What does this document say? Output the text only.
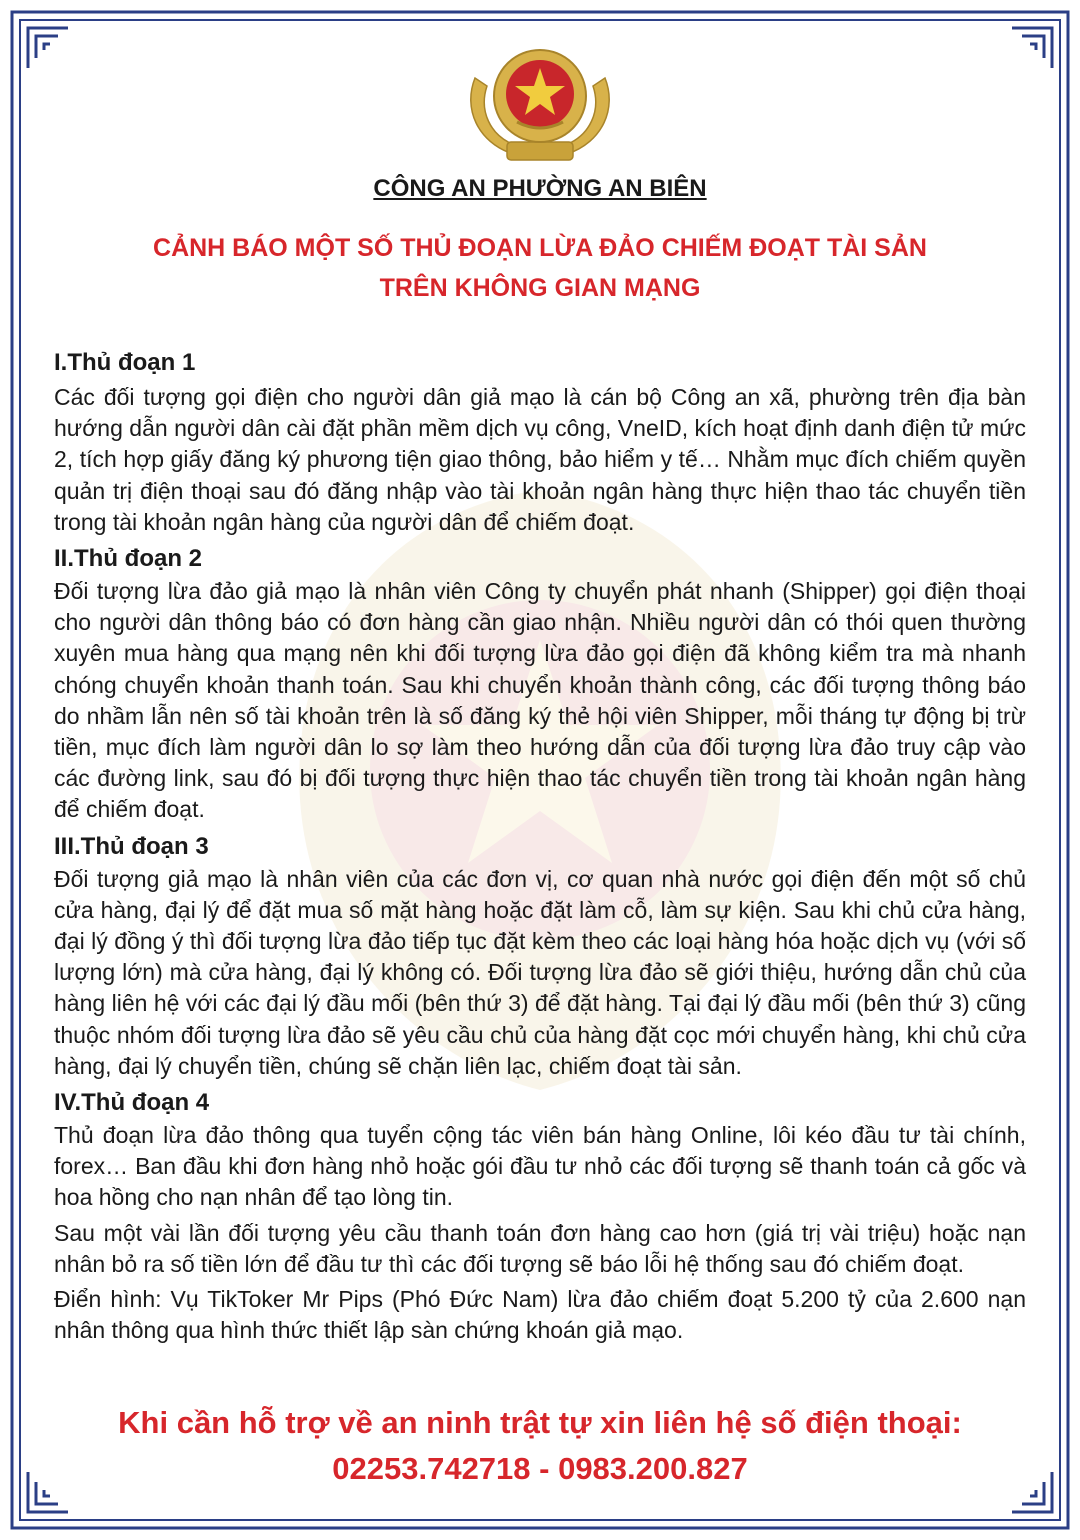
CÔNG AN PHƯỜNG AN BIÊN
CẢNH BÁO MỘT SỐ THỦ ĐOẠN LỪA ĐẢO CHIẾM ĐOẠT TÀI SẢN
TRÊN KHÔNG GIAN MẠNG
I.Thủ đoạn 1

Các đối tượng gọi điện cho người dân giả mạo là cán bộ Công an xã, phường trên địa bàn hướng dẫn người dân cài đặt phần mềm dịch vụ công, VneID, kích hoạt định danh điện tử mức 2, tích hợp giấy đăng ký phương tiện giao thông, bảo hiểm y tế… Nhằm mục đích chiếm quyền quản trị điện thoại sau đó đăng nhập vào tài khoản ngân hàng thực hiện thao tác chuyển tiền trong tài khoản ngân hàng của người dân để chiếm đoạt.

II.Thủ đoạn 2

Đối tượng lừa đảo giả mạo là nhân viên Công ty chuyển phát nhanh (Shipper) gọi điện thoại cho người dân thông báo có đơn hàng cần giao nhận. Nhiều người dân có thói quen thường xuyên mua hàng qua mạng nên khi đối tượng lừa đảo gọi điện đã không kiểm tra mà nhanh chóng chuyển khoản thanh toán. Sau khi chuyển khoản thành công, các đối tượng thông báo do nhầm lẫn nên số tài khoản trên là số đăng ký thẻ hội viên Shipper, mỗi tháng tự động bị trừ tiền, mục đích làm người dân lo sợ làm theo hướng dẫn của đối tượng lừa đảo truy cập vào các đường link, sau đó bị đối tượng thực hiện thao tác chuyển tiền trong tài khoản ngân hàng để chiếm đoạt.

III.Thủ đoạn 3

Đối tượng giả mạo là nhân viên của các đơn vị, cơ quan nhà nước gọi điện đến một số chủ cửa hàng, đại lý để đặt mua số mặt hàng hoặc đặt làm cỗ, làm sự kiện. Sau khi chủ cửa hàng, đại lý đồng ý thì đối tượng lừa đảo tiếp tục đặt kèm theo các loại hàng hóa hoặc dịch vụ (với số lượng lớn) mà cửa hàng, đại lý không có. Đối tượng lừa đảo sẽ giới thiệu, hướng dẫn chủ của hàng liên hệ với các đại lý đầu mối (bên thứ 3) để đặt hàng. Tại đại lý đầu mối (bên thứ 3) cũng thuộc nhóm đối tượng lừa đảo sẽ yêu cầu chủ của hàng đặt cọc mới chuyển hàng, khi chủ cửa hàng, đại lý chuyển tiền, chúng sẽ chặn liên lạc, chiếm đoạt tài sản.

IV.Thủ đoạn 4

Thủ đoạn lừa đảo thông qua tuyển cộng tác viên bán hàng Online, lôi kéo đầu tư tài chính, forex… Ban đầu khi đơn hàng nhỏ hoặc gói đầu tư nhỏ các đối tượng sẽ thanh toán cả gốc và hoa hồng cho nạn nhân để tạo lòng tin.

Sau một vài lần đối tượng yêu cầu thanh toán đơn hàng cao hơn (giá trị vài triệu) hoặc nạn nhân bỏ ra số tiền lớn để đầu tư thì các đối tượng sẽ báo lỗi hệ thống sau đó chiếm đoạt.

Điển hình: Vụ TikToker Mr Pips (Phó Đức Nam) lừa đảo chiếm đoạt 5.200 tỷ của 2.600 nạn nhân thông qua hình thức thiết lập sàn chứng khoán giả mạo.

Khi cần hỗ trợ về an ninh trật tự xin liên hệ số điện thoại:
02253.742718 - 0983.200.827
